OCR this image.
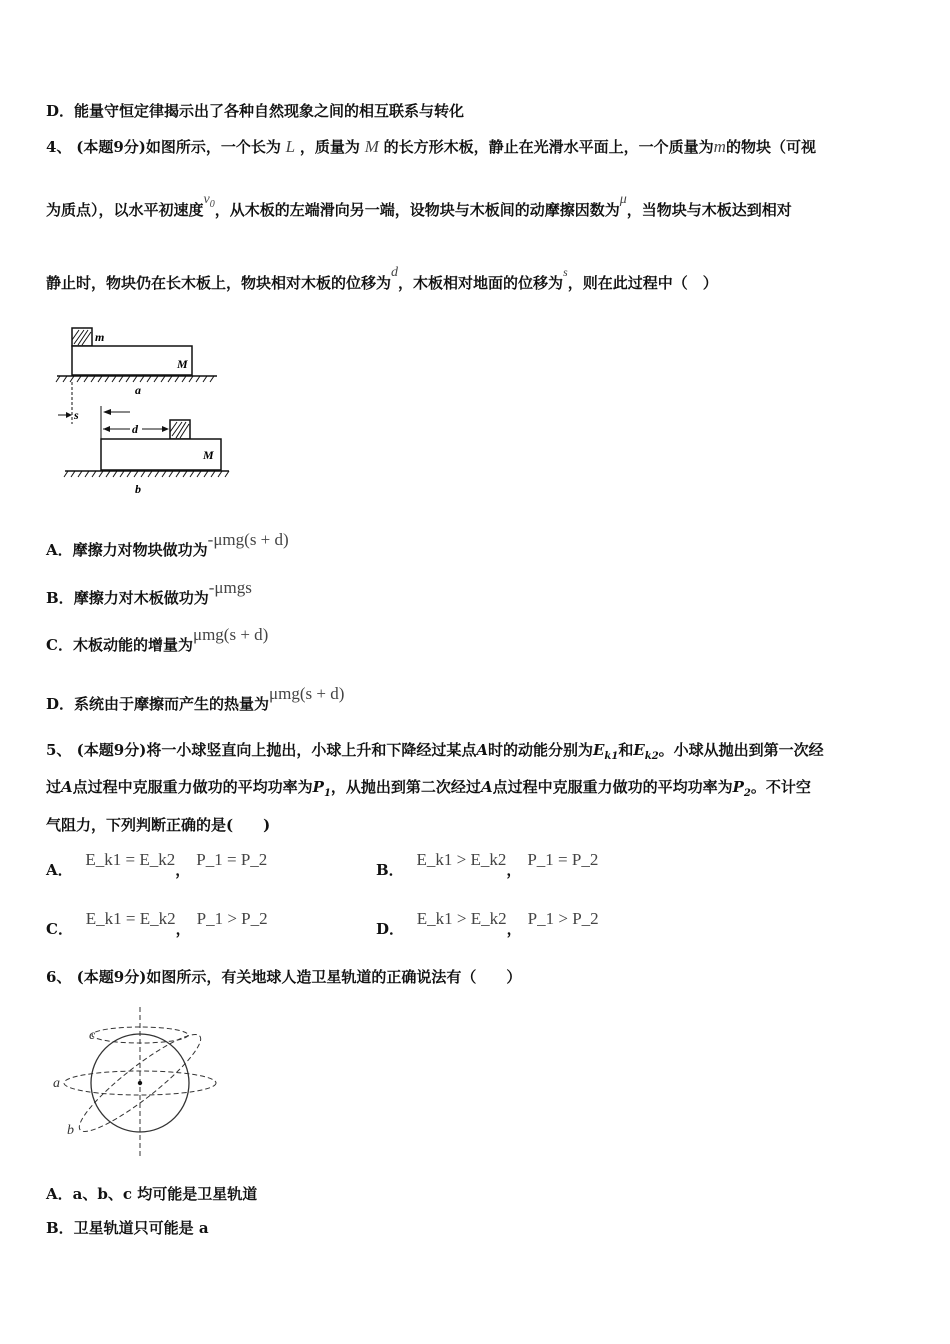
D．能量守恒定律揭示出了各种自然现象之间的相互联系与转化
4、 (本题9分)如图所示，一个长为 L ，质量为 M 的长方形木板，静止在光滑水平面上，一个质量为m的物块（可视
为质点），以水平初速度$v_0$，从木板的左端滑向另一端，设物块与木板间的动摩擦因数为μ，当物块与木板达到相对
静止时，物块仍在长木板上，物块相对木板的位移为d，木板相对地面的位移为$^s$，则在此过程中（　）
m
M
a
s
d
M
b
A．摩擦力对物块做功为-μmg(s + d)
B．摩擦力对木板做功为-μmgs
C．木板动能的增量为μmg(s + d)
D．系统由于摩擦而产生的热量为μmg(s + d)
5、 (本题9分)将一小球竖直向上抛出，小球上升和下降经过某点A时的动能分别为$E_{k1}$和$E_{k2}$。小球从抛出到第一次经
过A点过程中克服重力做功的平均功率为$P_1$，从抛出到第二次经过A点过程中克服重力做功的平均功率为$P_2$。不计空
气阻力，下列判断正确的是(　　)
A． E_k1 = E_k2，P_1 = P_2
B． E_k1 > E_k2，P_1 = P_2
C． E_k1 = E_k2，P_1 > P_2
D． E_k1 > E_k2，P_1 > P_2
6、 (本题9分)如图所示，有关地球人造卫星轨道的正确说法有（　　）
c
a
b
A．a、b、c 均可能是卫星轨道
B．卫星轨道只可能是 a
